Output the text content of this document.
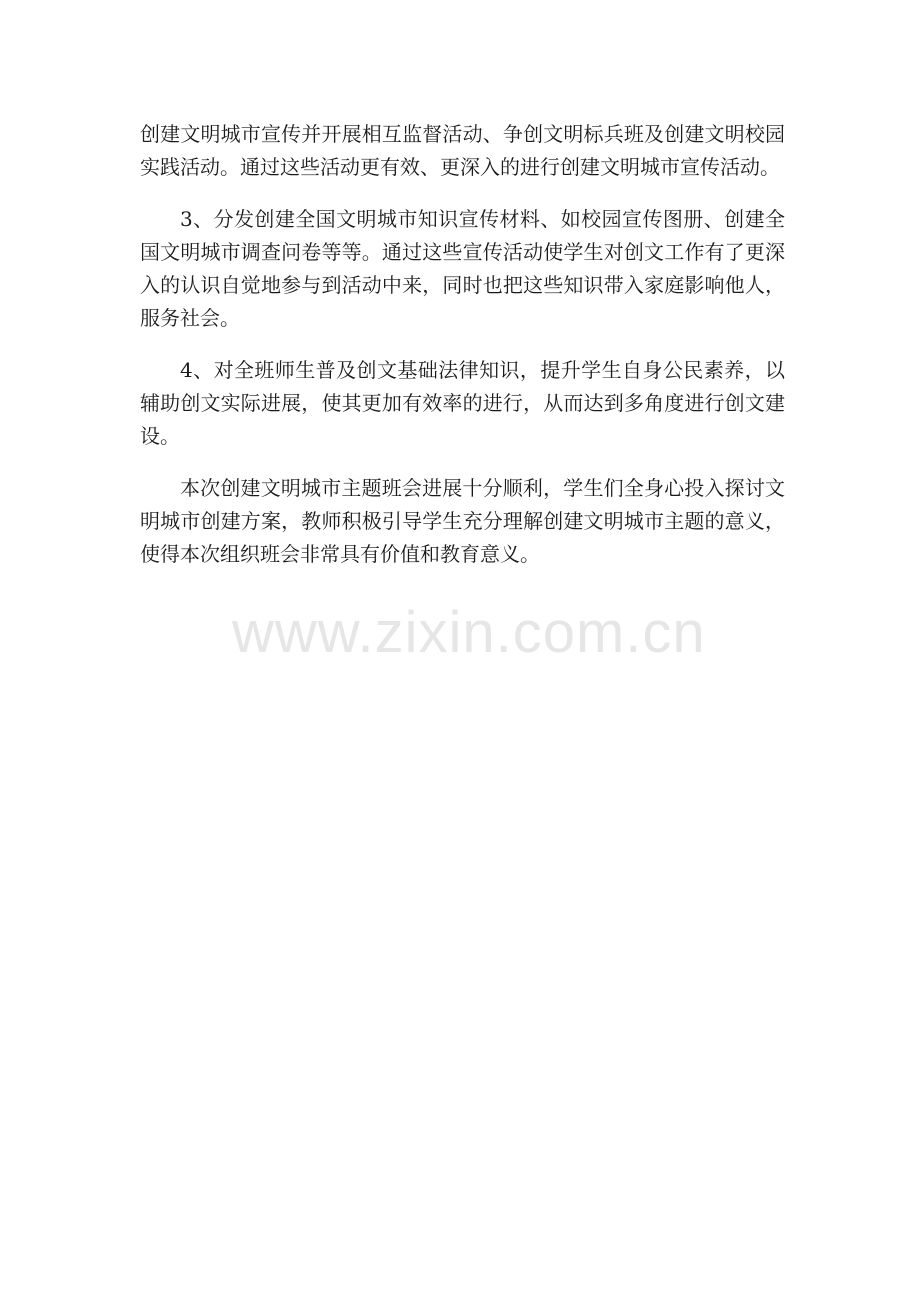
www.zixin.com.cn

创建文明城市宣传并开展相互监督活动、争创文明标兵班及创建文明校园实践活动。通过这些活动更有效、更深入的进行创建文明城市宣传活动。

3、分发创建全国文明城市知识宣传材料、如校园宣传图册、创建全国文明城市调查问卷等等。通过这些宣传活动使学生对创文工作有了更深入的认识自觉地参与到活动中来，同时也把这些知识带入家庭影响他人，服务社会。

4、对全班师生普及创文基础法律知识，提升学生自身公民素养，以辅助创文实际进展，使其更加有效率的进行，从而达到多角度进行创文建设。

本次创建文明城市主题班会进展十分顺利，学生们全身心投入探讨文明城市创建方案，教师积极引导学生充分理解创建文明城市主题的意义，使得本次组织班会非常具有价值和教育意义。
